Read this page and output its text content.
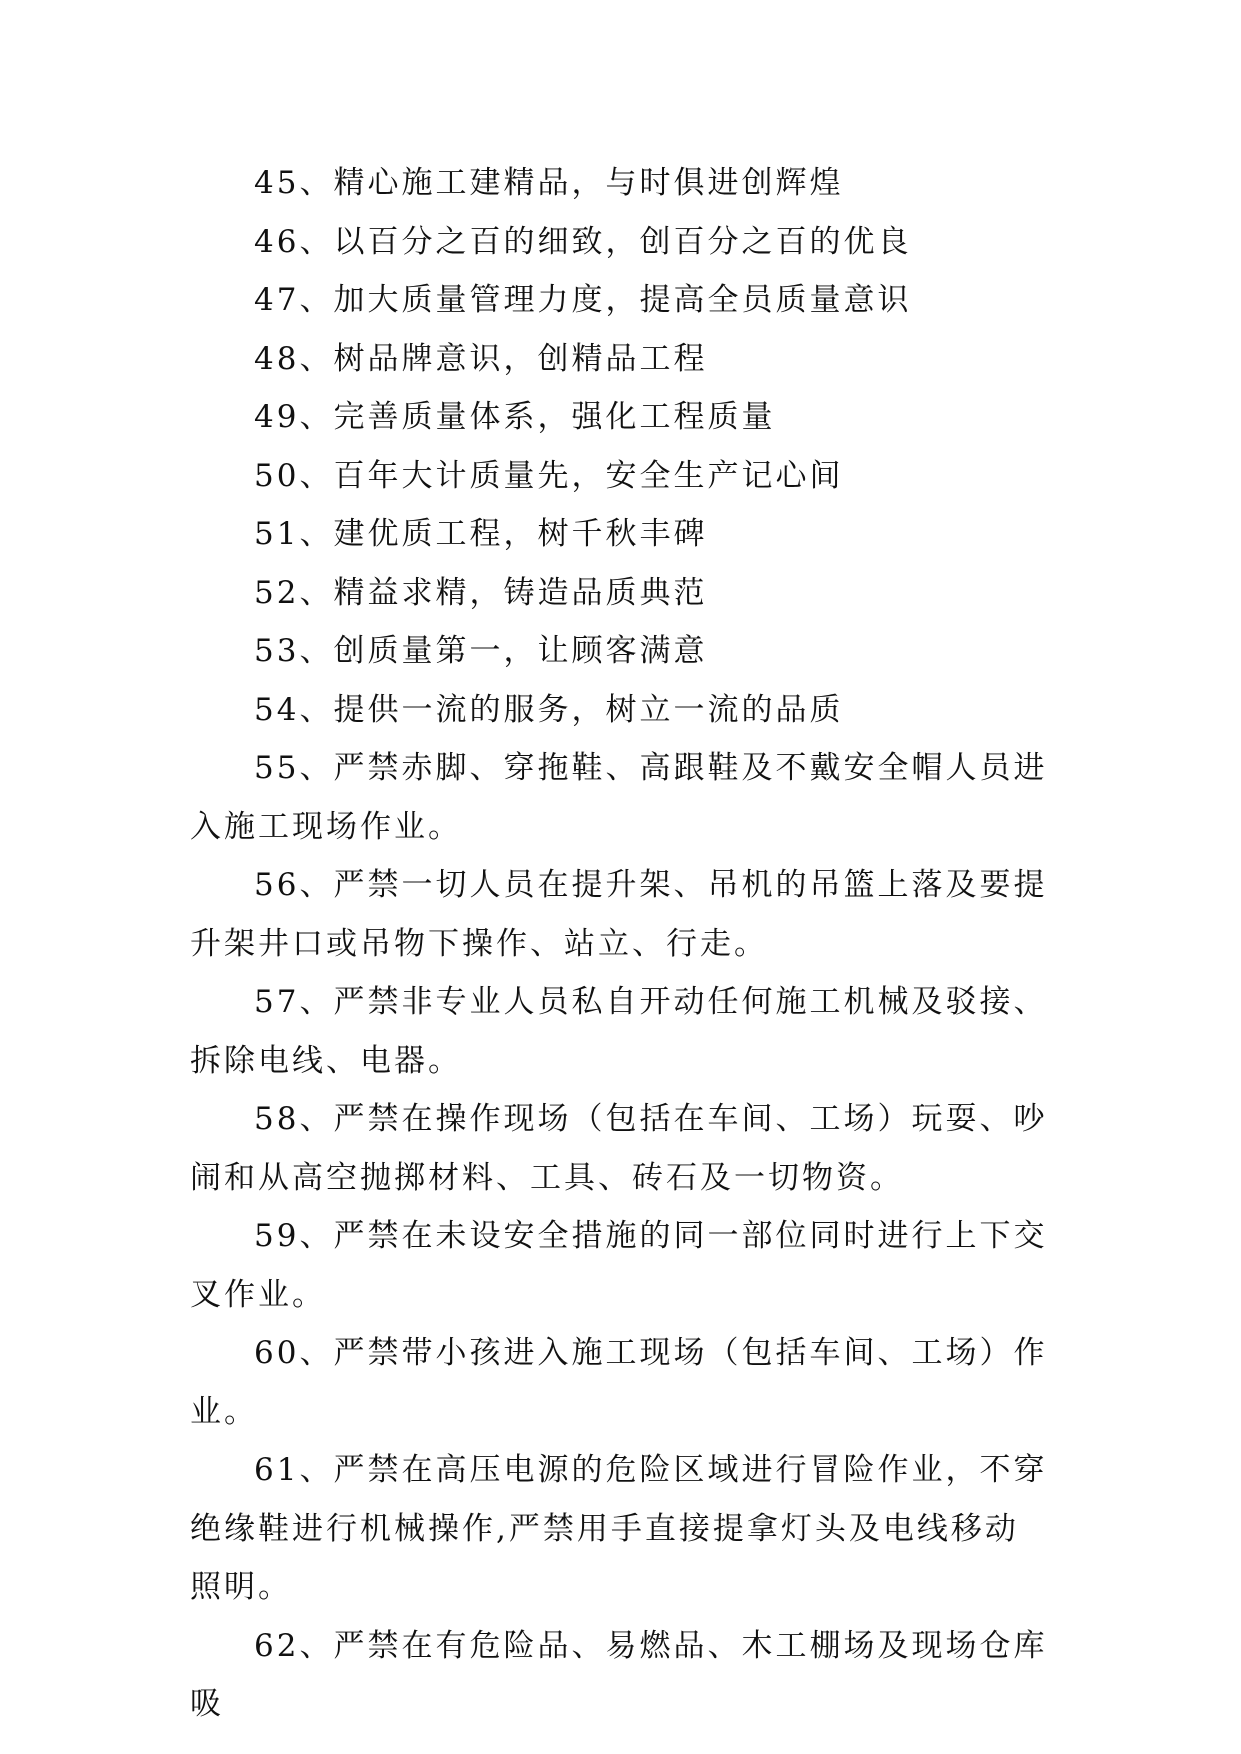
45、精心施工建精品，与时俱进创辉煌

46、以百分之百的细致，创百分之百的优良

47、加大质量管理力度，提高全员质量意识

48、树品牌意识，创精品工程

49、完善质量体系，强化工程质量

50、百年大计质量先，安全生产记心间

51、建优质工程，树千秋丰碑

52、精益求精，铸造品质典范

53、创质量第一，让顾客满意

54、提供一流的服务，树立一流的品质

55、严禁赤脚、穿拖鞋、高跟鞋及不戴安全帽人员进入施工现场作业。

56、严禁一切人员在提升架、吊机的吊篮上落及要提升架井口或吊物下操作、站立、行走。

57、严禁非专业人员私自开动任何施工机械及驳接、拆除电线、电器。

58、严禁在操作现场（包括在车间、工场）玩耍、吵闹和从高空抛掷材料、工具、砖石及一切物资。

59、严禁在未设安全措施的同一部位同时进行上下交叉作业。

60、严禁带小孩进入施工现场（包括车间、工场）作业。

61、严禁在高压电源的危险区域进行冒险作业，不穿绝缘鞋进行机械操作,严禁用手直接提拿灯头及电线移动照明。

62、严禁在有危险品、易燃品、木工棚场及现场仓库吸
